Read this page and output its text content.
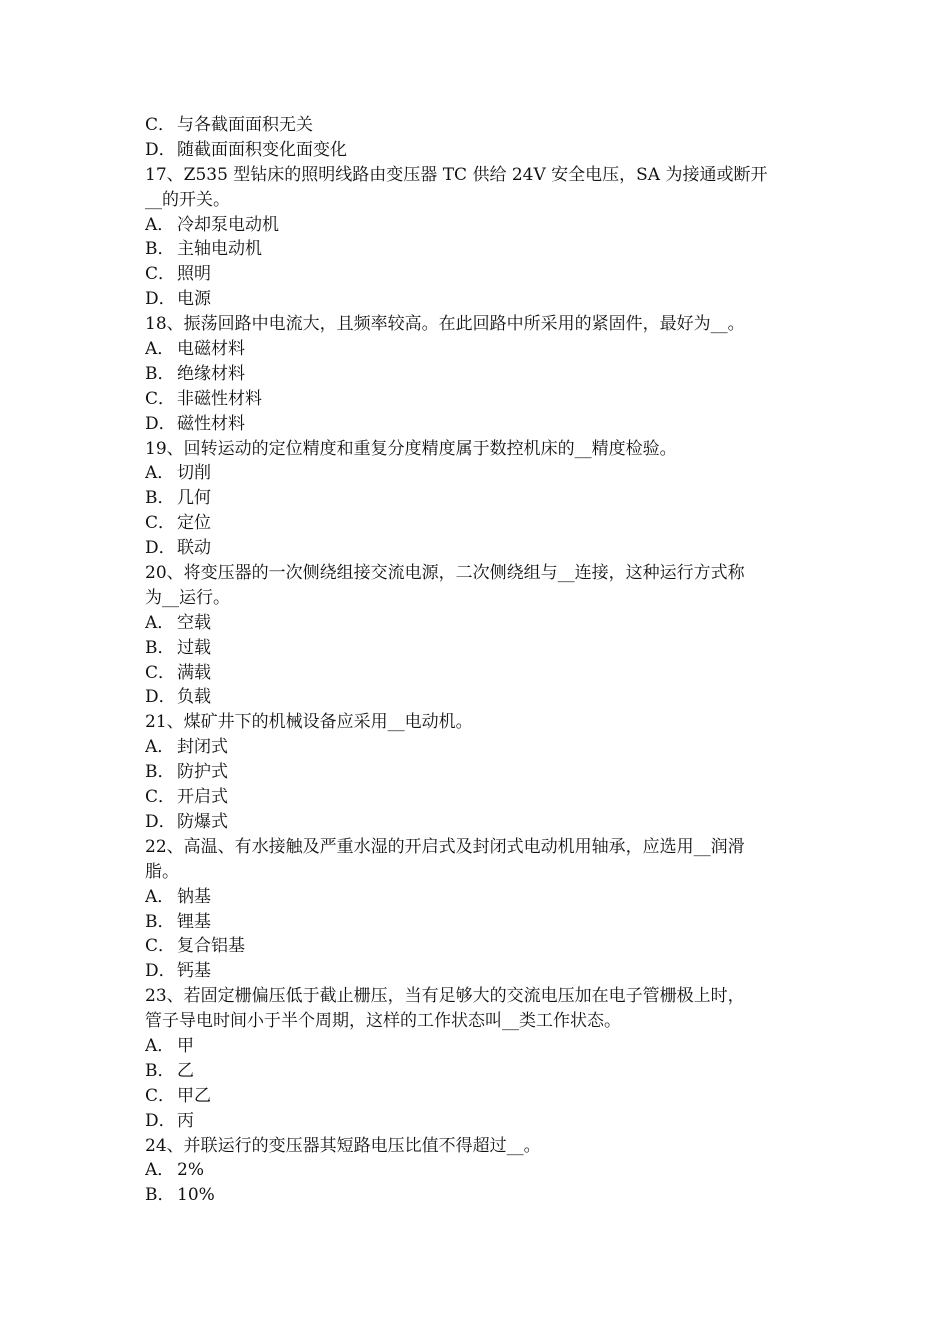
C． 与各截面面积无关
D．随截面面积变化面变化
17、Z535 型钻床的照明线路由变压器 TC 供给 24V 安全电压，SA 为接通或断开
__的开关。
A． 冷却泵电动机
B． 主轴电动机
C． 照明
D．电源
18、振荡回路中电流大，且频率较高。在此回路中所采用的紧固件，最好为__。
A． 电磁材料
B． 绝缘材料
C． 非磁性材料
D．磁性材料
19、回转运动的定位精度和重复分度精度属于数控机床的__精度检验。
A． 切削
B． 几何
C． 定位
D．联动
20、将变压器的一次侧绕组接交流电源，二次侧绕组与__连接，这种运行方式称
为__运行。
A． 空载
B． 过载
C． 满载
D．负载
21、煤矿井下的机械设备应采用__电动机。
A． 封闭式
B． 防护式
C． 开启式
D．防爆式
22、高温、有水接触及严重水湿的开启式及封闭式电动机用轴承，应选用__润滑
脂。
A． 钠基
B． 锂基
C． 复合铝基
D．钙基
23、若固定栅偏压低于截止栅压，当有足够大的交流电压加在电子管栅极上时，
管子导电时间小于半个周期，这样的工作状态叫__类工作状态。
A． 甲
B． 乙
C． 甲乙
D．丙
24、并联运行的变压器其短路电压比值不得超过__。
A． 2%
B． 10%
